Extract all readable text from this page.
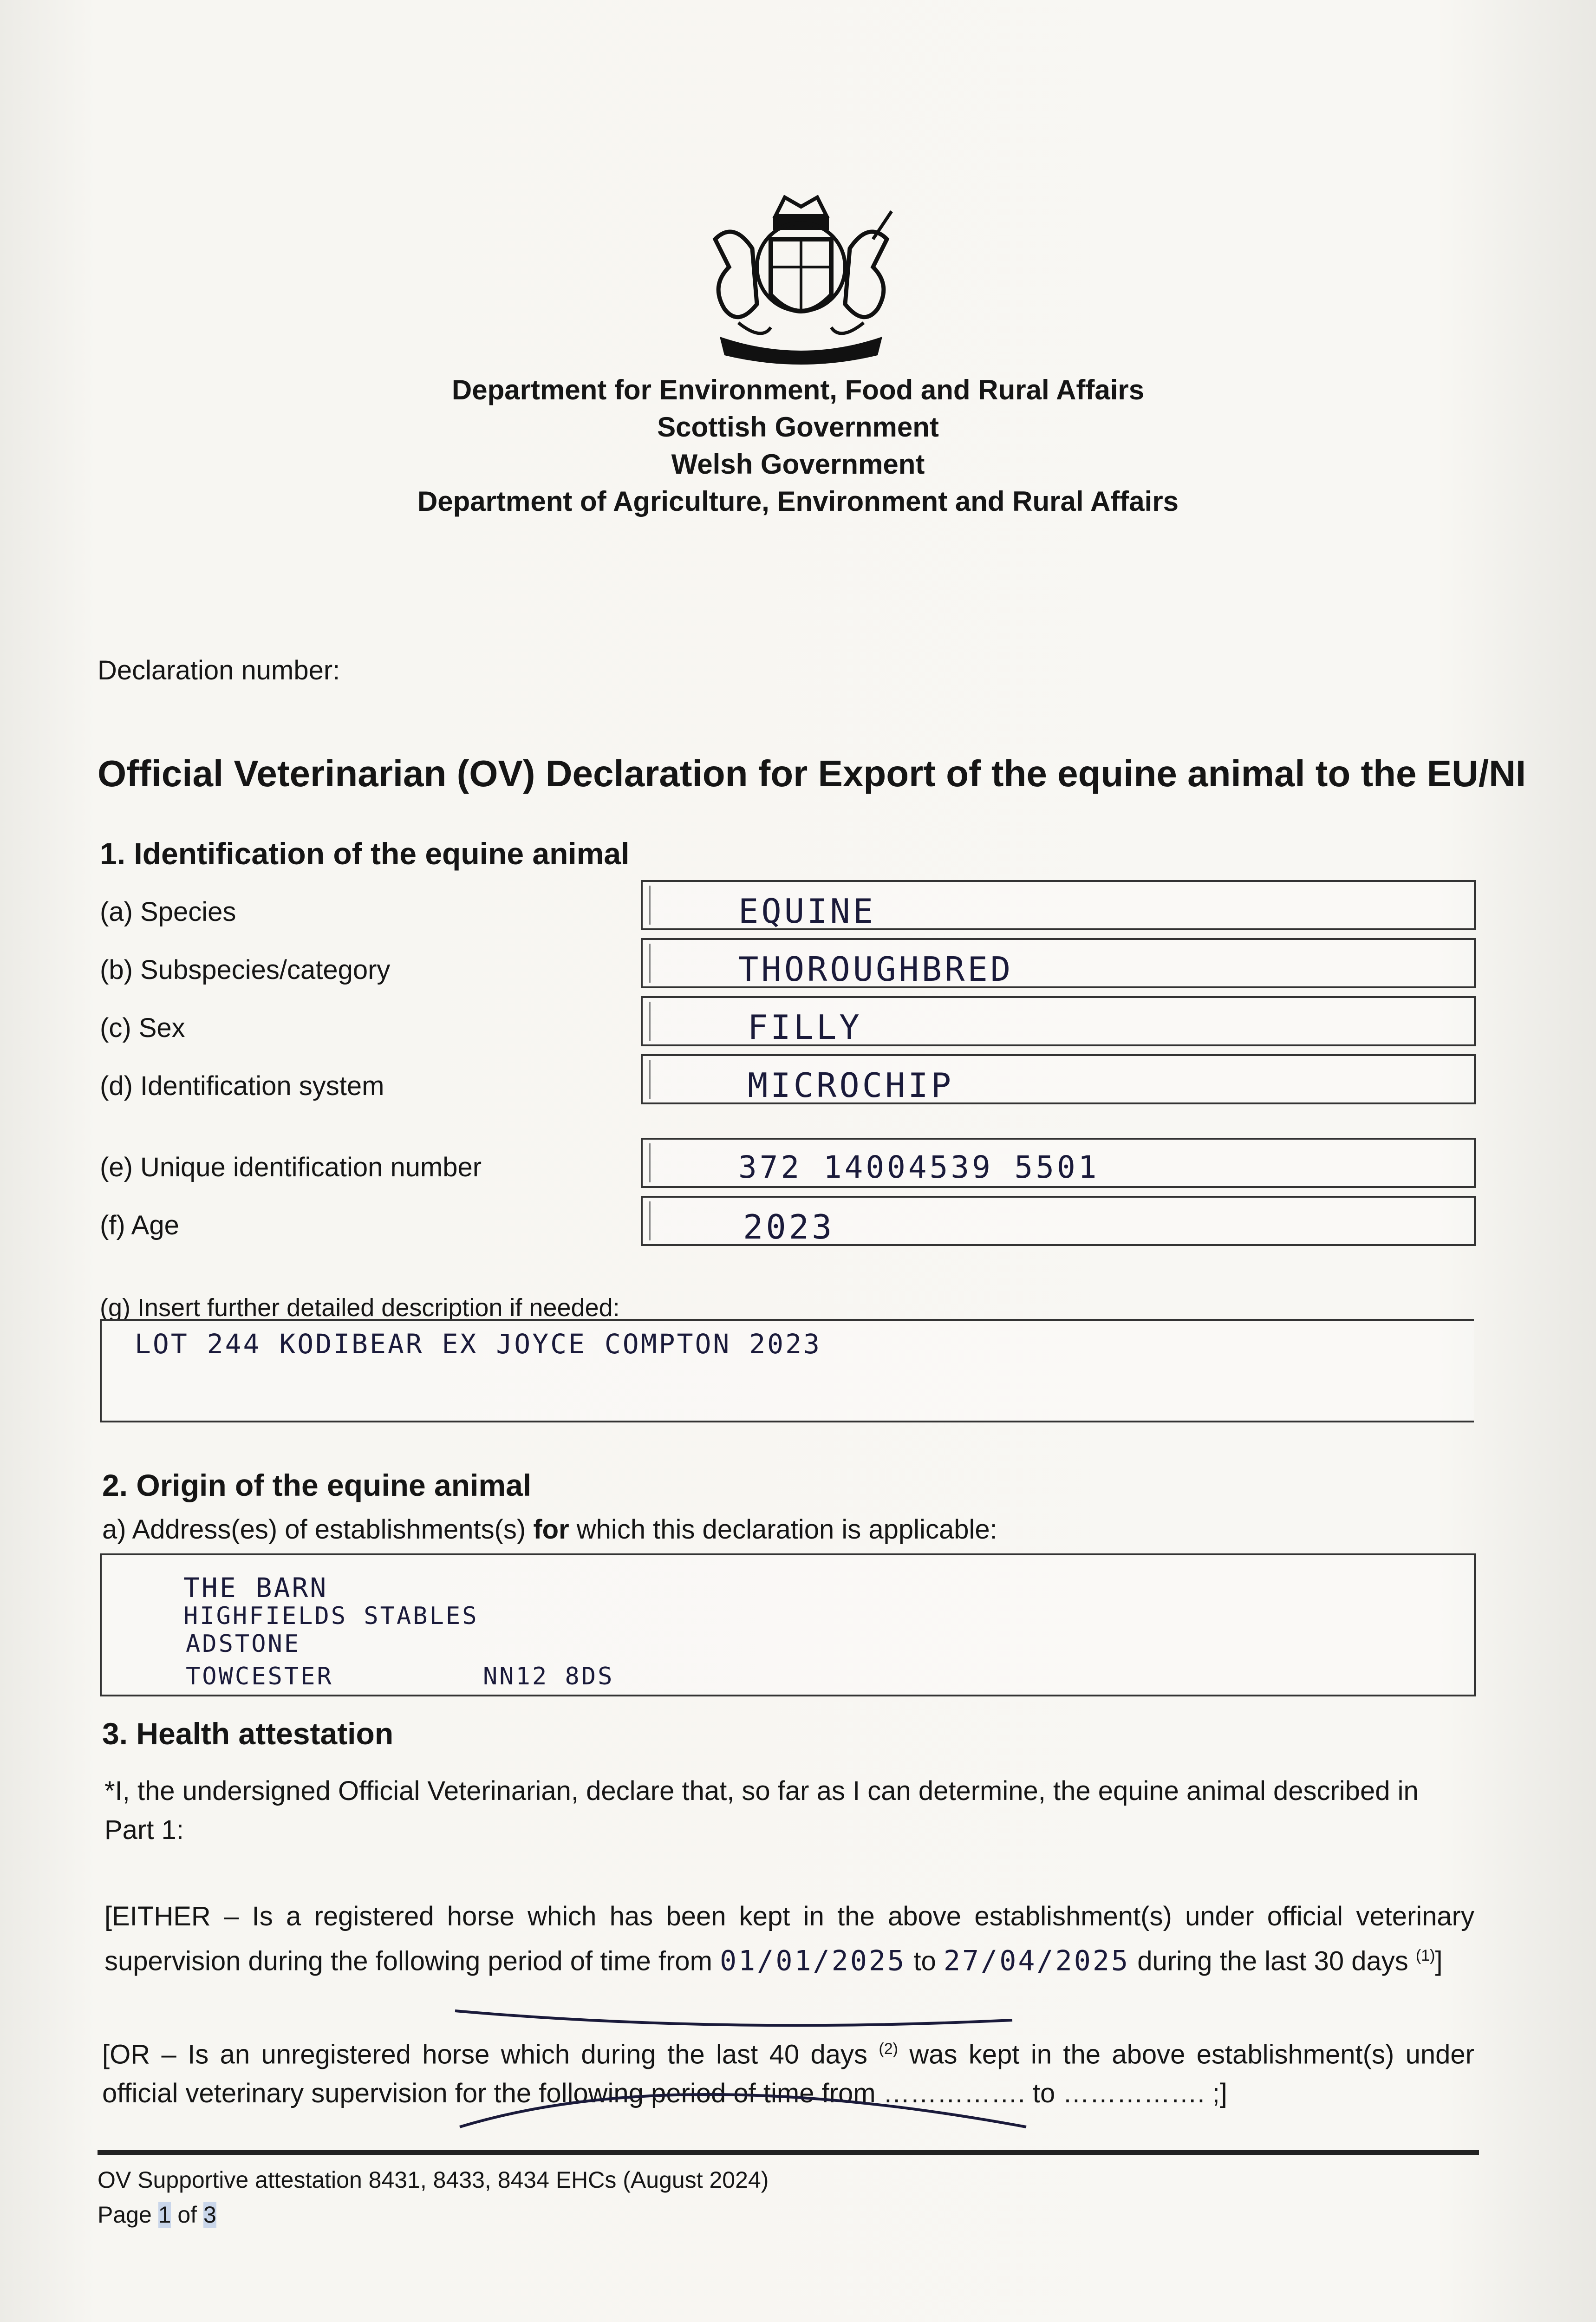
Department for Environment, Food and Rural Affairs
Scottish Government
Welsh Government
Department of Agriculture, Environment and Rural Affairs
Declaration number:
Official Veterinarian (OV) Declaration for Export of the equine animal to the EU/NI
1. Identification of the equine animal
(a) Species	EQUINE
(b) Subspecies/category	THOROUGHBRED
(c) Sex	FILLY
(d) Identification system	MICROCHIP
(e) Unique identification number	372 14004539 5501
(f) Age	2023
(g) Insert further detailed description if needed:
LOT 244 KODIBEAR EX JOYCE COMPTON 2023
2. Origin of the equine animal
a) Address(es) of establishments(s) for which this declaration is applicable:
THE BARN
HIGHFIELDS STABLES
ADSTONE
TOWCESTER	NN12 8DS
3. Health attestation
*I, the undersigned Official Veterinarian, declare that, so far as I can determine, the equine animal described in Part 1:
[EITHER – Is a registered horse which has been kept in the above establishment(s) under official veterinary supervision during the following period of time from 01/01/2025 to 27/04/2025 during the last 30 days $^{(1)}$]
[OR – Is an unregistered horse which during the last 40 days $^{(2)}$ was kept in the above establishment(s) under official veterinary supervision for the following period of time from ……………. to ……………. ;]
OV Supportive attestation 8431, 8433, 8434 EHCs (August 2024)
Page 1 of 3
